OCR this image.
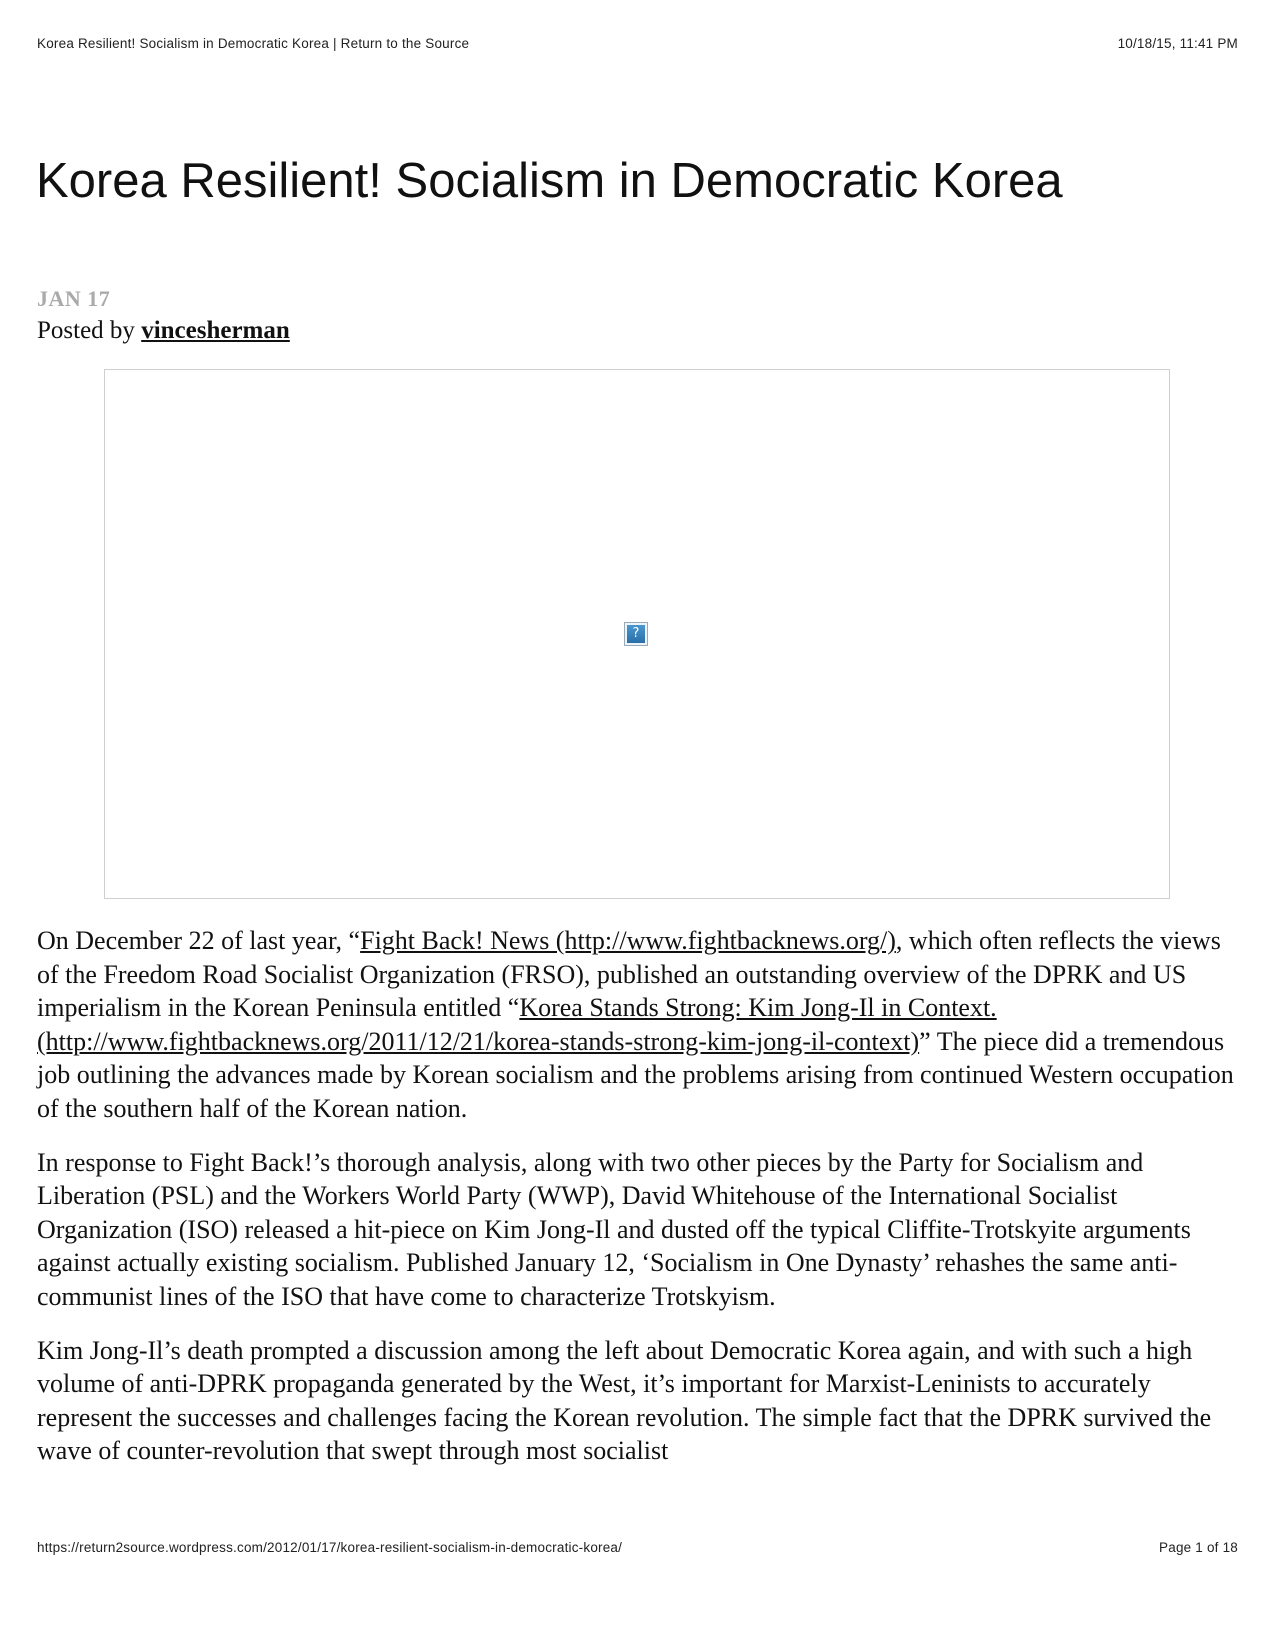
Korea Resilient! Socialism in Democratic Korea | Return to the Source	10/18/15, 11:41 PM
Korea Resilient! Socialism in Democratic Korea
JAN 17
Posted by vincesherman
?

On December 22 of last year, “Fight Back! News (http://www.fightbacknews.org/), which often reflects the views of the Freedom Road Socialist Organization (FRSO), published an outstanding overview of the DPRK and US imperialism in the Korean Peninsula entitled “Korea Stands Strong: Kim Jong-Il in Context. (http://www.fightbacknews.org/2011/12/21/korea-stands-strong-kim-jong-il-context)” The piece did a tremendous job outlining the advances made by Korean socialism and the problems arising from continued Western occupation of the southern half of the Korean nation.

In response to Fight Back!’s thorough analysis, along with two other pieces by the Party for Socialism and Liberation (PSL) and the Workers World Party (WWP), David Whitehouse of the International Socialist Organization (ISO) released a hit-piece on Kim Jong-Il and dusted off the typical Cliffite-Trotskyite arguments against actually existing socialism. Published January 12, ‘Socialism in One Dynasty’ rehashes the same anti-communist lines of the ISO that have come to characterize Trotskyism.

Kim Jong-Il’s death prompted a discussion among the left about Democratic Korea again, and with such a high volume of anti-DPRK propaganda generated by the West, it’s important for Marxist-Leninists to accurately represent the successes and challenges facing the Korean revolution. The simple fact that the DPRK survived the wave of counter-revolution that swept through most socialist

https://return2source.wordpress.com/2012/01/17/korea-resilient-socialism-in-democratic-korea/	Page 1 of 18
